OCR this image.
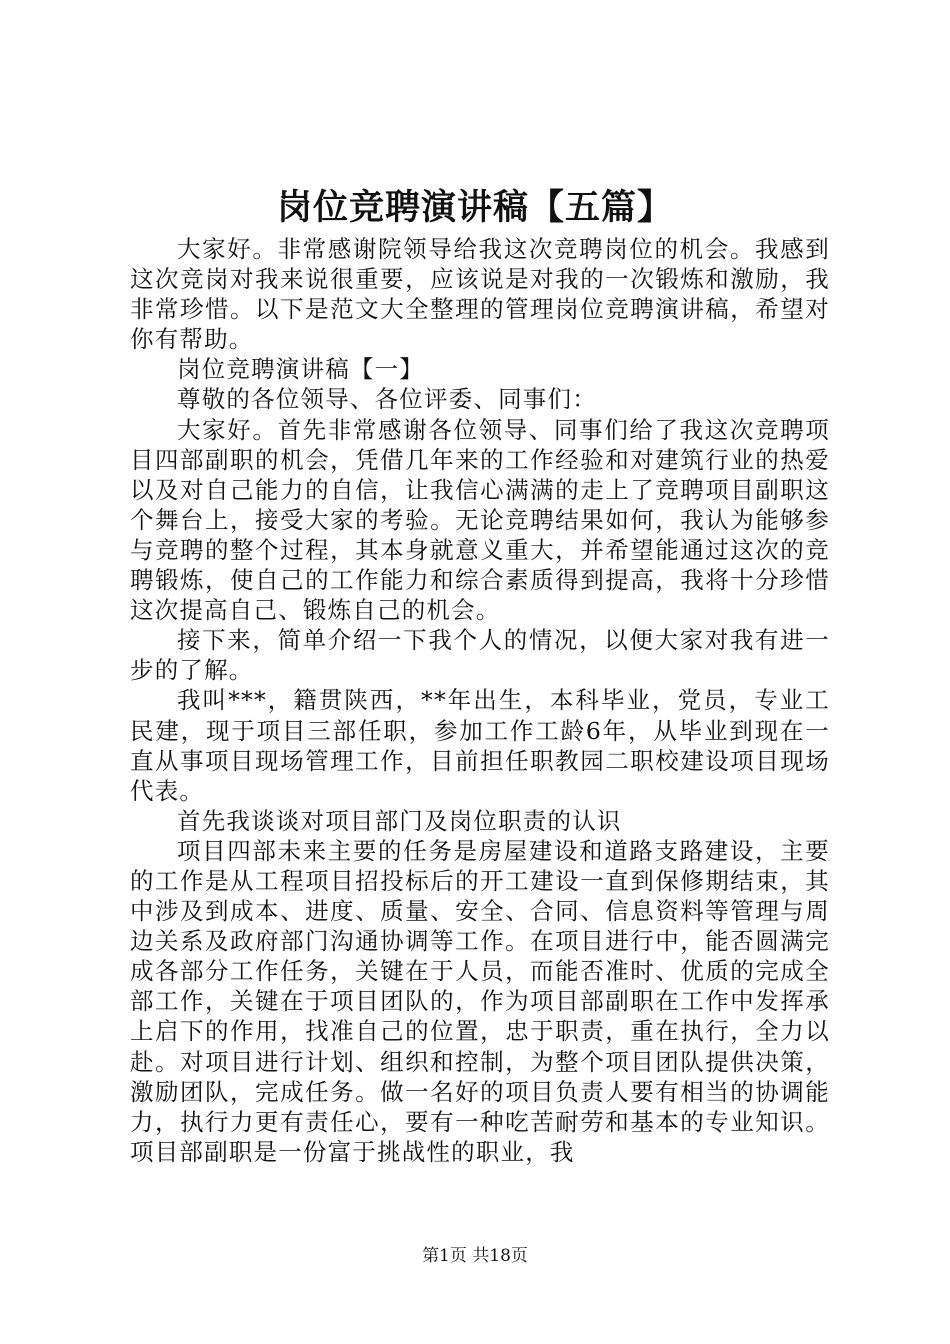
岗位竞聘演讲稿【五篇】

大家好。非常感谢院领导给我这次竞聘岗位的机会。我感到这次竞岗对我来说很重要，应该说是对我的一次锻炼和激励，我非常珍惜。以下是范文大全整理的管理岗位竞聘演讲稿，希望对你有帮助。

岗位竞聘演讲稿【一】

尊敬的各位领导、各位评委、同事们：

大家好。首先非常感谢各位领导、同事们给了我这次竞聘项目四部副职的机会，凭借几年来的工作经验和对建筑行业的热爱以及对自己能力的自信，让我信心满满的走上了竞聘项目副职这个舞台上，接受大家的考验。无论竞聘结果如何，我认为能够参与竞聘的整个过程，其本身就意义重大，并希望能通过这次的竞聘锻炼，使自己的工作能力和综合素质得到提高，我将十分珍惜这次提高自己、锻炼自己的机会。

接下来，简单介绍一下我个人的情况，以便大家对我有进一步的了解。

我叫***，籍贯陕西，**年出生，本科毕业，党员，专业工民建，现于项目三部任职，参加工作工龄6年，从毕业到现在一直从事项目现场管理工作，目前担任职教园二职校建设项目现场代表。

首先我谈谈对项目部门及岗位职责的认识

项目四部未来主要的任务是房屋建设和道路支路建设，主要的工作是从工程项目招投标后的开工建设一直到保修期结束，其中涉及到成本、进度、质量、安全、合同、信息资料等管理与周边关系及政府部门沟通协调等工作。在项目进行中，能否圆满完成各部分工作任务，关键在于人员，而能否准时、优质的完成全部工作，关键在于项目团队的，作为项目部副职在工作中发挥承上启下的作用，找准自己的位置，忠于职责，重在执行，全力以赴。对项目进行计划、组织和控制，为整个项目团队提供决策，激励团队，完成任务。做一名好的项目负责人要有相当的协调能力，执行力更有责任心，要有一种吃苦耐劳和基本的专业知识。项目部副职是一份富于挑战性的职业，我

第1页 共18页
